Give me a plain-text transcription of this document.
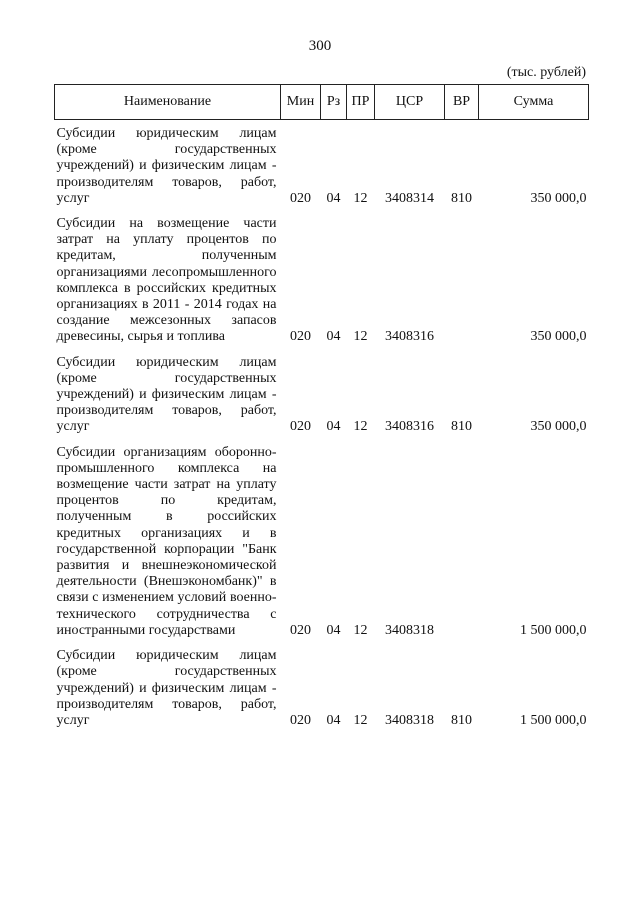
300
(тыс. рублей)
Наименование	Мин	Рз	ПР	ЦСР	ВР	Сумма
Субсидии юридическим лицам (кроме государственных учреждений) и физическим лицам - производителям товаров, работ, услуг	020	04	12	3408314	810	350 000,0
Субсидии на возмещение части затрат на уплату процентов по кредитам, полученным организациями лесопромышленного комплекса в российских кредитных организациях в 2011 - 2014 годах на создание межсезонных запасов древесины, сырья и топлива	020	04	12	3408316		350 000,0
Субсидии юридическим лицам (кроме государственных учреждений) и физическим лицам - производителям товаров, работ, услуг	020	04	12	3408316	810	350 000,0
Субсидии организациям оборонно-промышленного комплекса на возмещение части затрат на уплату процентов по кредитам, полученным в российских кредитных организациях и в государственной корпорации "Банк развития и внешнеэкономической деятельности (Внешэкономбанк)" в связи с изменением условий военно-технического сотрудничества с иностранными государствами	020	04	12	3408318		1 500 000,0
Субсидии юридическим лицам (кроме государственных учреждений) и физическим лицам - производителям товаров, работ, услуг	020	04	12	3408318	810	1 500 000,0
